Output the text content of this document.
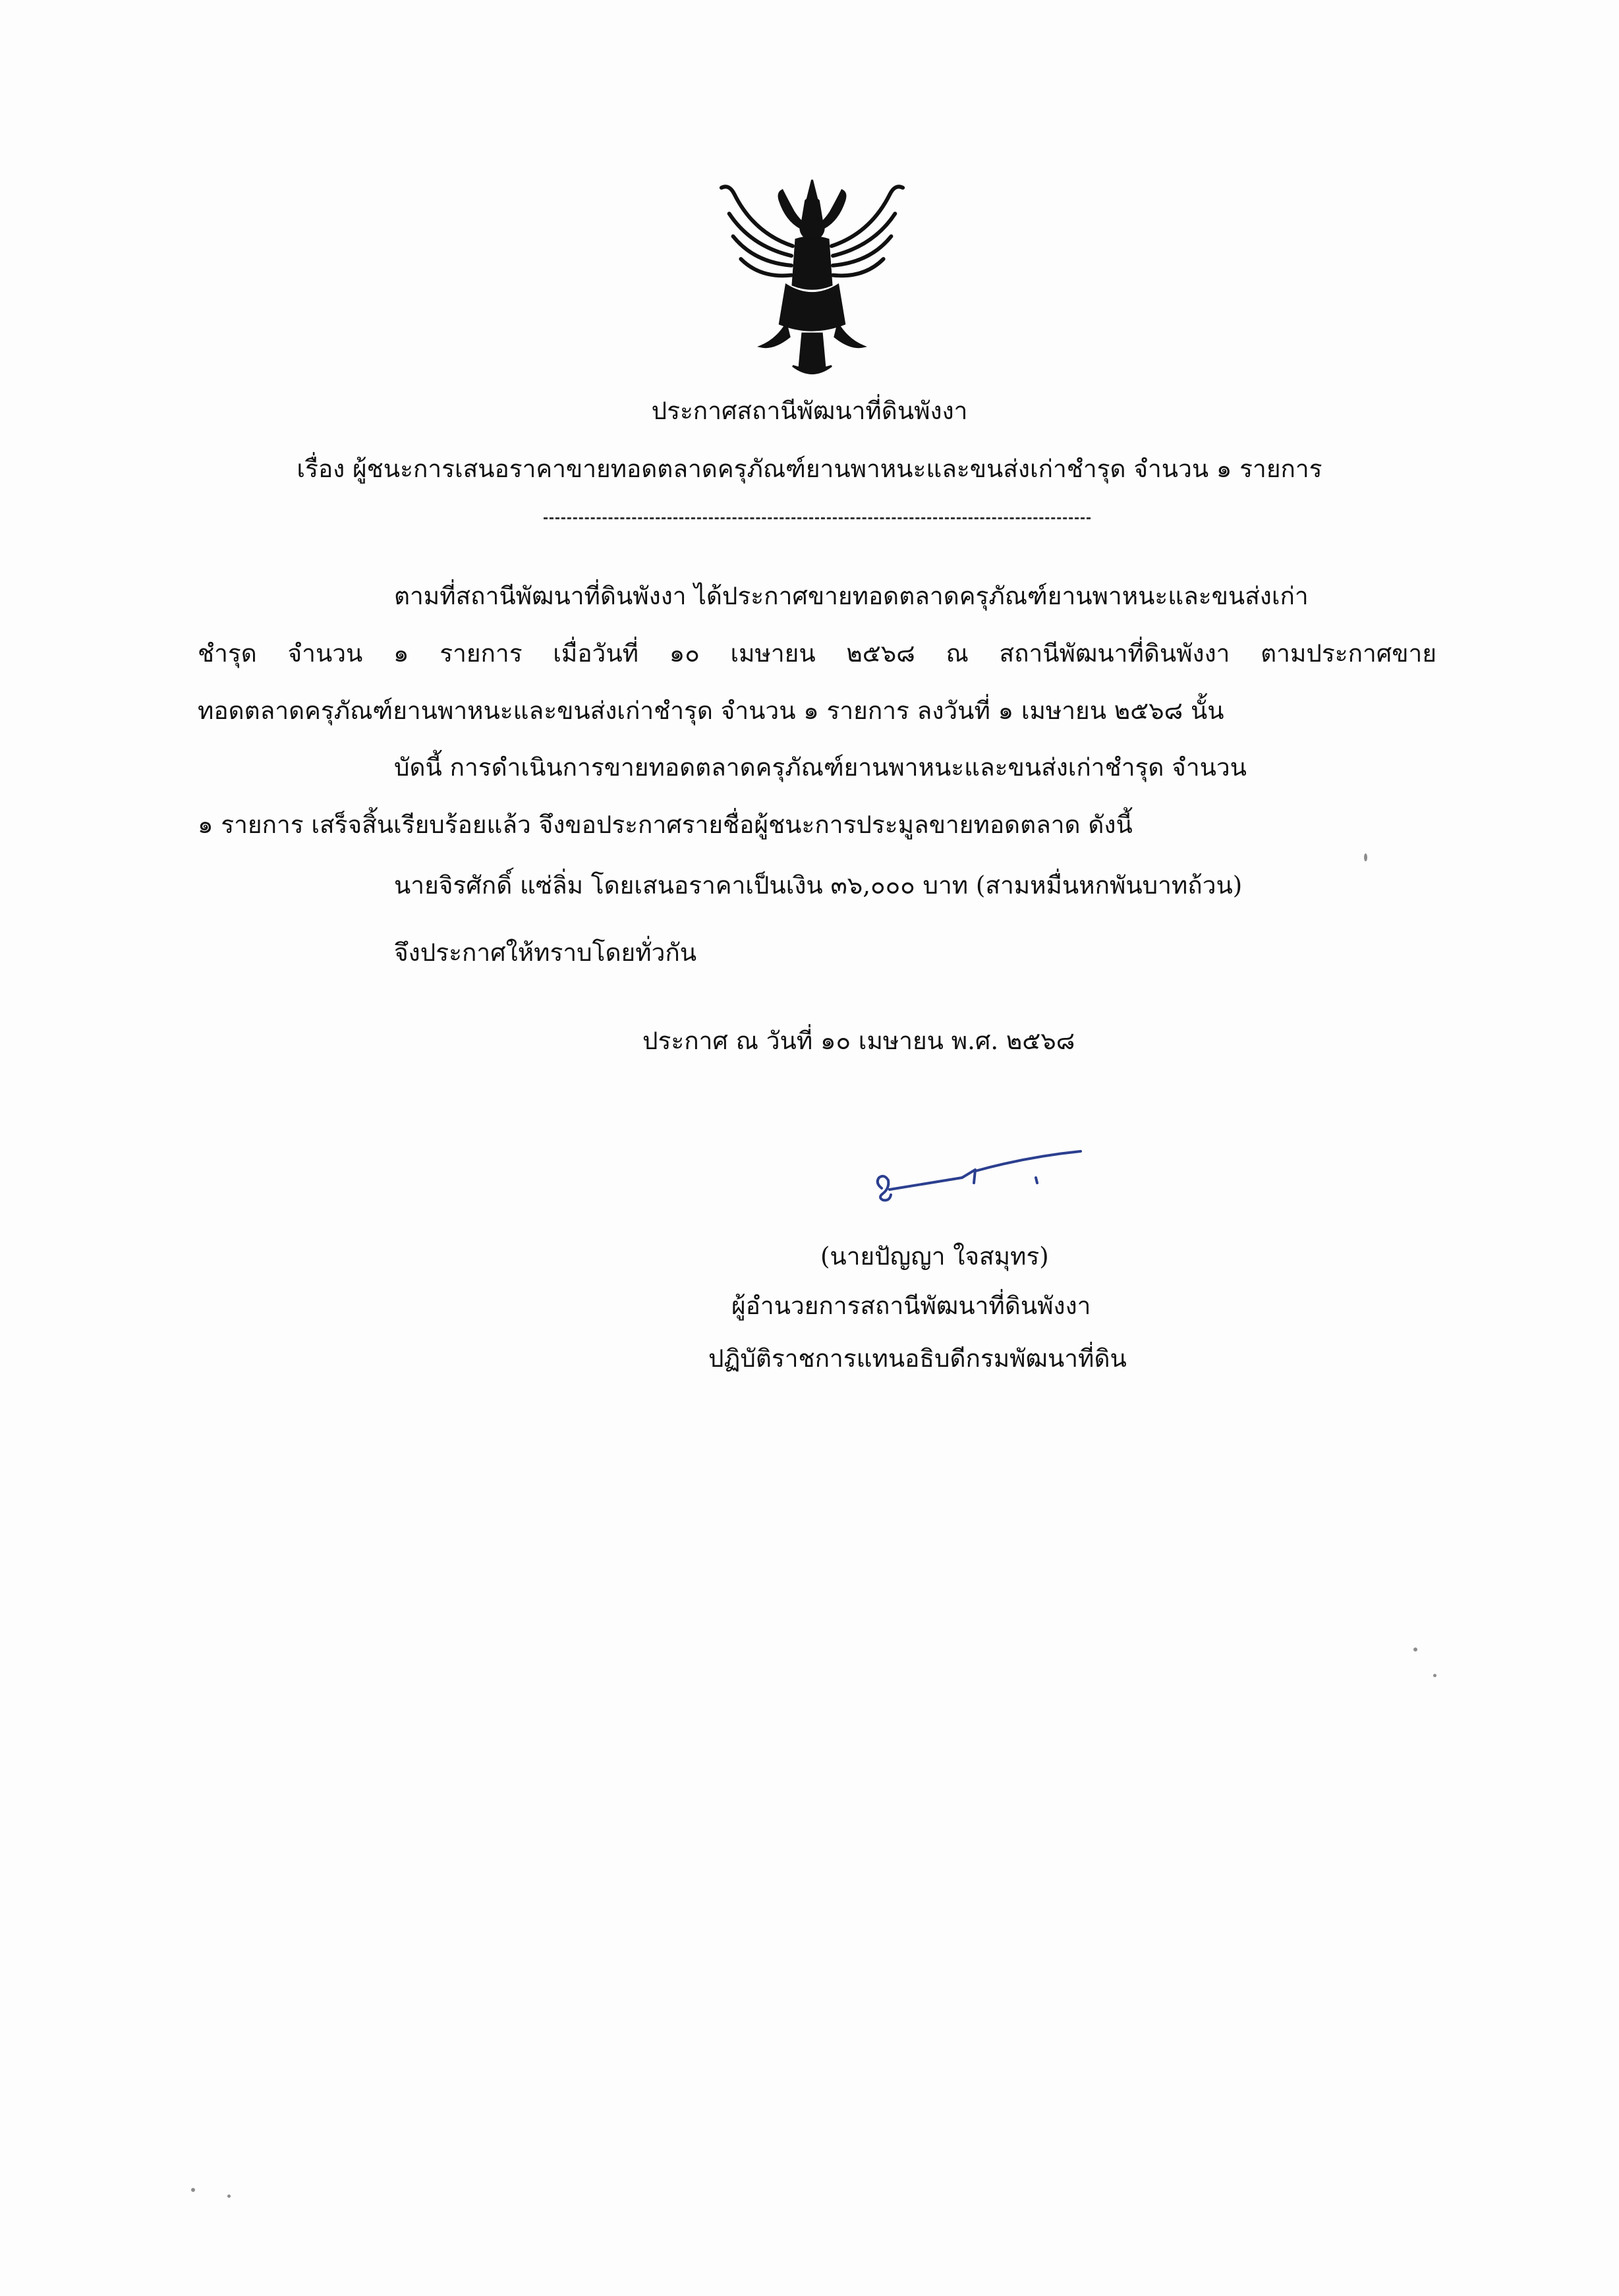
ประกาศสถานีพัฒนาที่ดินพังงา
เรื่อง ผู้ชนะการเสนอราคาขายทอดตลาดครุภัณฑ์ยานพาหนะและขนส่งเก่าชำรุด จำนวน ๑ รายการ
ตามที่สถานีพัฒนาที่ดินพังงา ได้ประกาศขายทอดตลาดครุภัณฑ์ยานพาหนะและขนส่งเก่า
ชำรุด จำนวน ๑ รายการ เมื่อวันที่ ๑๐ เมษายน ๒๕๖๘ ณ สถานีพัฒนาที่ดินพังงา ตามประกาศขาย
ทอดตลาดครุภัณฑ์ยานพาหนะและขนส่งเก่าชำรุด จำนวน ๑ รายการ ลงวันที่ ๑ เมษายน ๒๕๖๘ นั้น
บัดนี้ การดำเนินการขายทอดตลาดครุภัณฑ์ยานพาหนะและขนส่งเก่าชำรุด จำนวน
๑ รายการ เสร็จสิ้นเรียบร้อยแล้ว จึงขอประกาศรายชื่อผู้ชนะการประมูลขายทอดตลาด ดังนี้
นายจิรศักดิ์ แซ่ลิ่ม โดยเสนอราคาเป็นเงิน ๓๖,๐๐๐ บาท (สามหมื่นหกพันบาทถ้วน)
จึงประกาศให้ทราบโดยทั่วกัน
ประกาศ ณ วันที่ ๑๐ เมษายน พ.ศ. ๒๕๖๘
(นายปัญญา ใจสมุทร)
ผู้อำนวยการสถานีพัฒนาที่ดินพังงา
ปฏิบัติราชการแทนอธิบดีกรมพัฒนาที่ดิน
